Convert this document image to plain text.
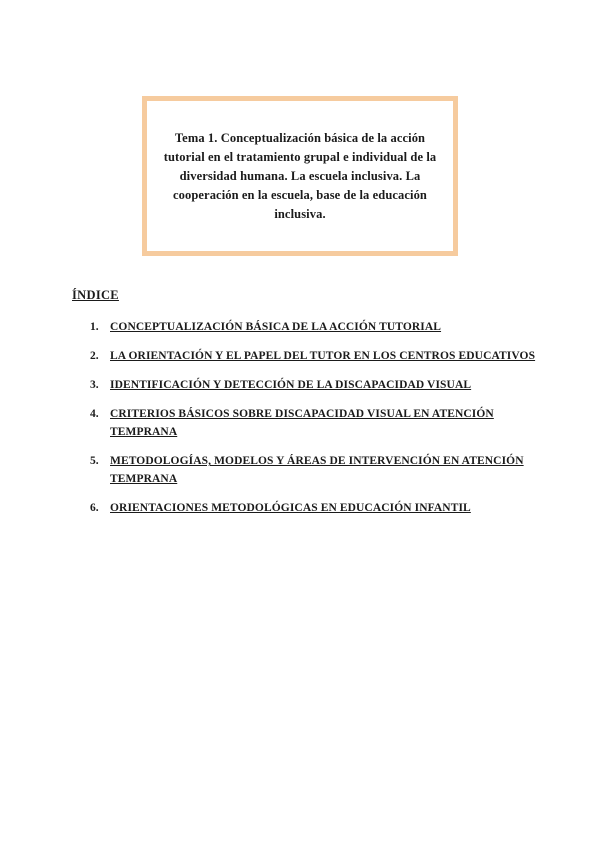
Tema 1. Conceptualización básica de la acción tutorial en el tratamiento grupal e individual de la diversidad humana. La escuela inclusiva. La cooperación en la escuela, base de la educación inclusiva.
ÍNDICE
1. CONCEPTUALIZACIÓN BÁSICA DE LA ACCIÓN TUTORIAL
2. LA ORIENTACIÓN Y EL PAPEL DEL TUTOR EN LOS CENTROS EDUCATIVOS
3. IDENTIFICACIÓN Y DETECCIÓN DE LA DISCAPACIDAD VISUAL
4. CRITERIOS BÁSICOS SOBRE DISCAPACIDAD VISUAL EN ATENCIÓN TEMPRANA
5. METODOLOGÍAS, MODELOS Y ÁREAS DE INTERVENCIÓN EN ATENCIÓN TEMPRANA
6. ORIENTACIONES METODOLÓGICAS EN EDUCACIÓN INFANTIL
